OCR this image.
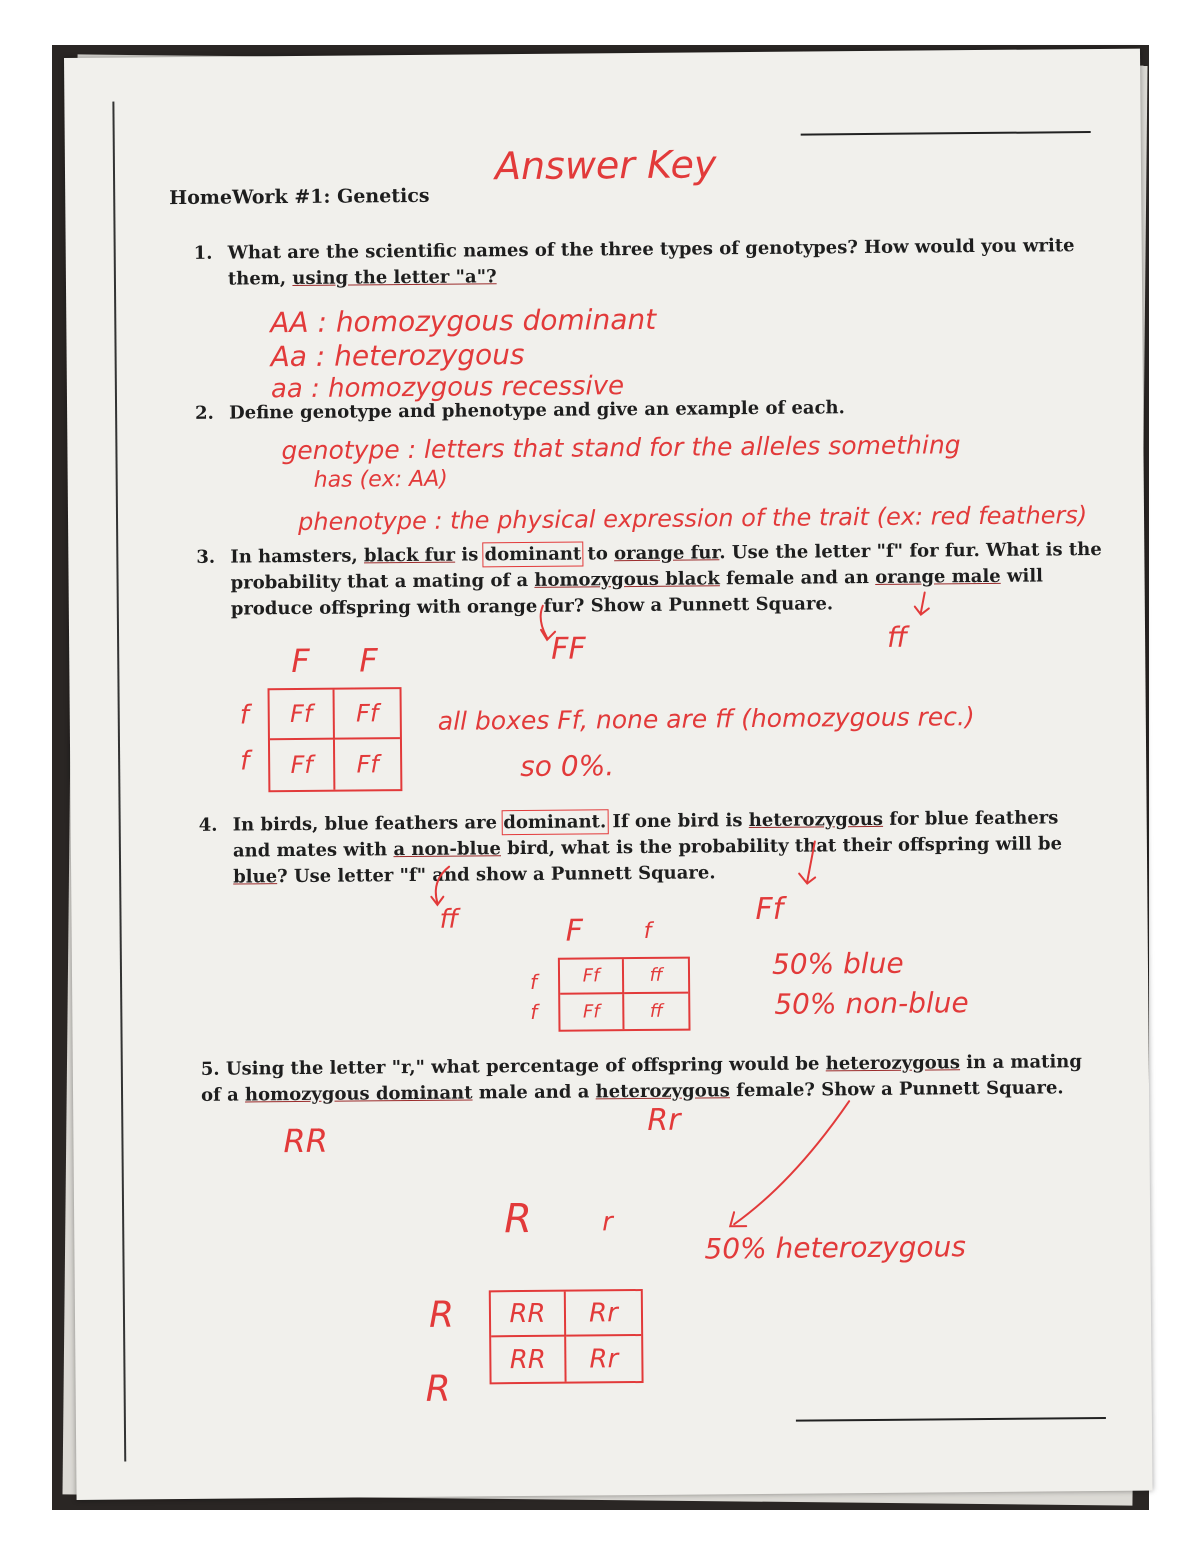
HomeWork #1: Genetics
Answer Key
1. What are the scientific names of the three types of genotypes? How would you write
them, using the letter "a"?
AA : homozygous dominant
Aa : heterozygous
aa : homozygous recessive
2. Define genotype and phenotype and give an example of each.
genotype : letters that stand for the alleles something
has (ex: AA)
phenotype : the physical expression of the trait (ex: red feathers)
3. In hamsters, black fur is dominant to orange fur. Use the letter "f" for fur. What is the
probability that a mating of a homozygous black female and an orange male will
produce offspring with orange fur? Show a Punnett Square.
FF	ff
F F
f
f
Ff	Ff
Ff	Ff
all boxes Ff, none are ff (homozygous rec.)
so 0%.
4. In birds, blue feathers are dominant. If one bird is heterozygous for blue feathers
and mates with a non-blue bird, what is the probability that their offspring will be
blue? Use letter "f" and show a Punnett Square.
ff	Ff
F	f
f
f
Ff	ff
Ff	ff
50% blue
50% non-blue
5. Using the letter "r," what percentage of offspring would be heterozygous in a mating
of a homozygous dominant male and a heterozygous female? Show a Punnett Square.
RR
Rr
R	r
R
R
RR	Rr
RR	Rr
50% heterozygous
